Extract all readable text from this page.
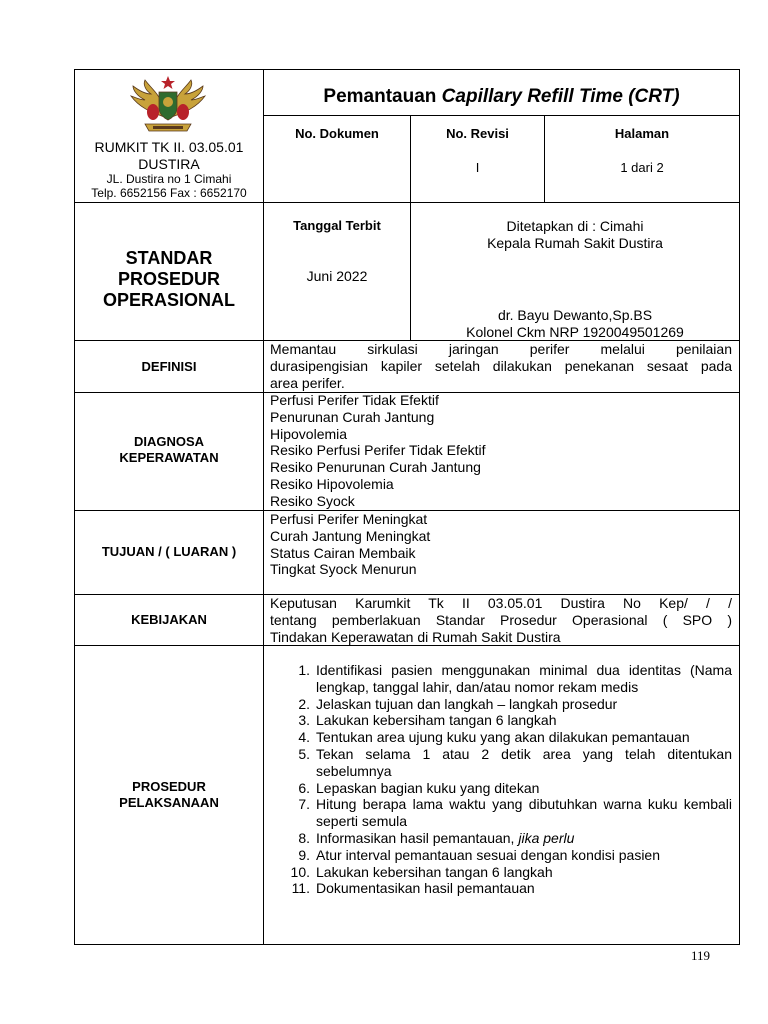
RUMKIT TK II. 03.05.01
DUSTIRA
JL. Dustira no 1 Cimahi
Telp. 6652156 Fax : 6652170
Pemantauan Capillary Refill Time (CRT)
No. Dokumen	No. Revisi
I
Halaman
1 dari 2
STANDAR
PROSEDUR
OPERASIONAL
Tanggal Terbit
Juni 2022
Ditetapkan di : Cimahi
Kepala Rumah Sakit Dustira
dr. Bayu Dewanto,Sp.BS
Kolonel Ckm NRP 1920049501269
DEFINISI
Memantau sirkulasi jaringan perifer melalui penilaian
durasipengisian kapiler setelah dilakukan penekanan sesaat pada
area perifer.
DIAGNOSA
KEPERAWATAN
Perfusi Perifer Tidak Efektif
Penurunan Curah Jantung
Hipovolemia
Resiko Perfusi Perifer Tidak Efektif
Resiko Penurunan Curah Jantung
Resiko Hipovolemia
Resiko Syock
TUJUAN / ( LUARAN )
Perfusi Perifer Meningkat
Curah Jantung Meningkat
Status Cairan Membaik
Tingkat Syock Menurun
KEBIJAKAN
Keputusan Karumkit Tk II 03.05.01 Dustira No Kep/ / /
tentang pemberlakuan Standar Prosedur Operasional ( SPO )
Tindakan Keperawatan di Rumah Sakit Dustira
PROSEDUR
PELAKSANAAN
1. Identifikasi pasien menggunakan minimal dua identitas (Nama lengkap, tanggal lahir, dan/atau nomor rekam medis
2. Jelaskan tujuan dan langkah – langkah prosedur
3. Lakukan kebersiham tangan 6 langkah
4. Tentukan area ujung kuku yang akan dilakukan pemantauan
5. Tekan selama 1 atau 2 detik area yang telah ditentukan sebelumnya
6. Lepaskan bagian kuku yang ditekan
7. Hitung berapa lama waktu yang dibutuhkan warna kuku kembali seperti semula
8. Informasikan hasil pemantauan, jika perlu
9. Atur interval pemantauan sesuai dengan kondisi pasien
10. Lakukan kebersihan tangan 6 langkah
11. Dokumentasikan hasil pemantauan
119
